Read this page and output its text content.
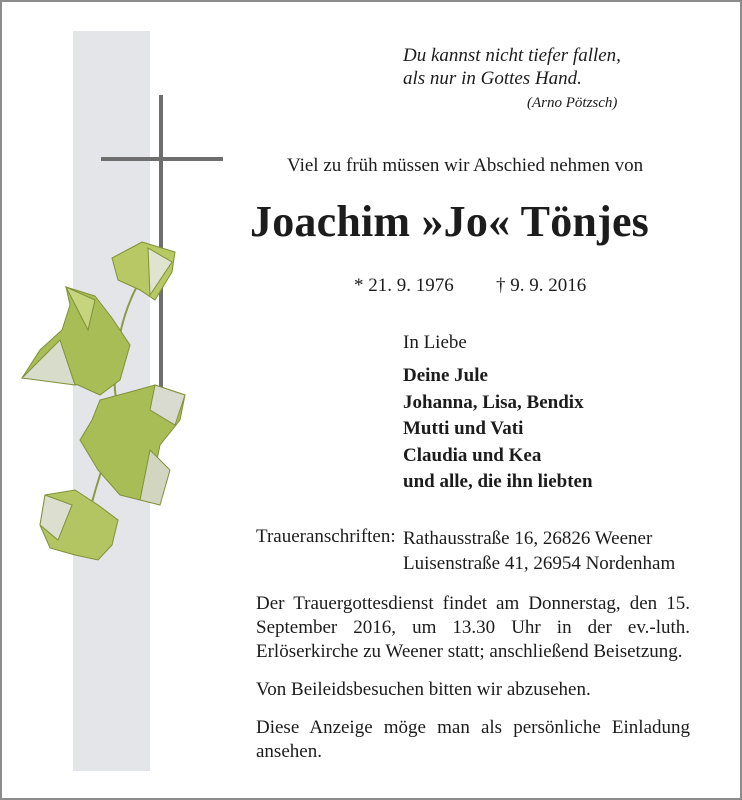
Du kannst nicht tiefer fallen,
als nur in Gottes Hand.
(Arno Pötzsch)
Viel zu früh müssen wir Abschied nehmen von
Joachim »Jo« Tönjes
* 21. 9. 1976 † 9. 9. 2016
In Liebe
Deine Jule
Johanna, Lisa, Bendix
Mutti und Vati
Claudia und Kea
und alle, die ihn liebten
Traueranschriften: Rathausstraße 16, 26826 Weener
Luisenstraße 41, 26954 Nordenham
Der Trauergottesdienst findet am Donnerstag, den 15. September 2016, um 13.30 Uhr in der ev.-luth. Erlöserkirche zu Weener statt; anschließend Beisetzung.
Von Beileidsbesuchen bitten wir abzusehen.
Diese Anzeige möge man als persönliche Einladung ansehen.
